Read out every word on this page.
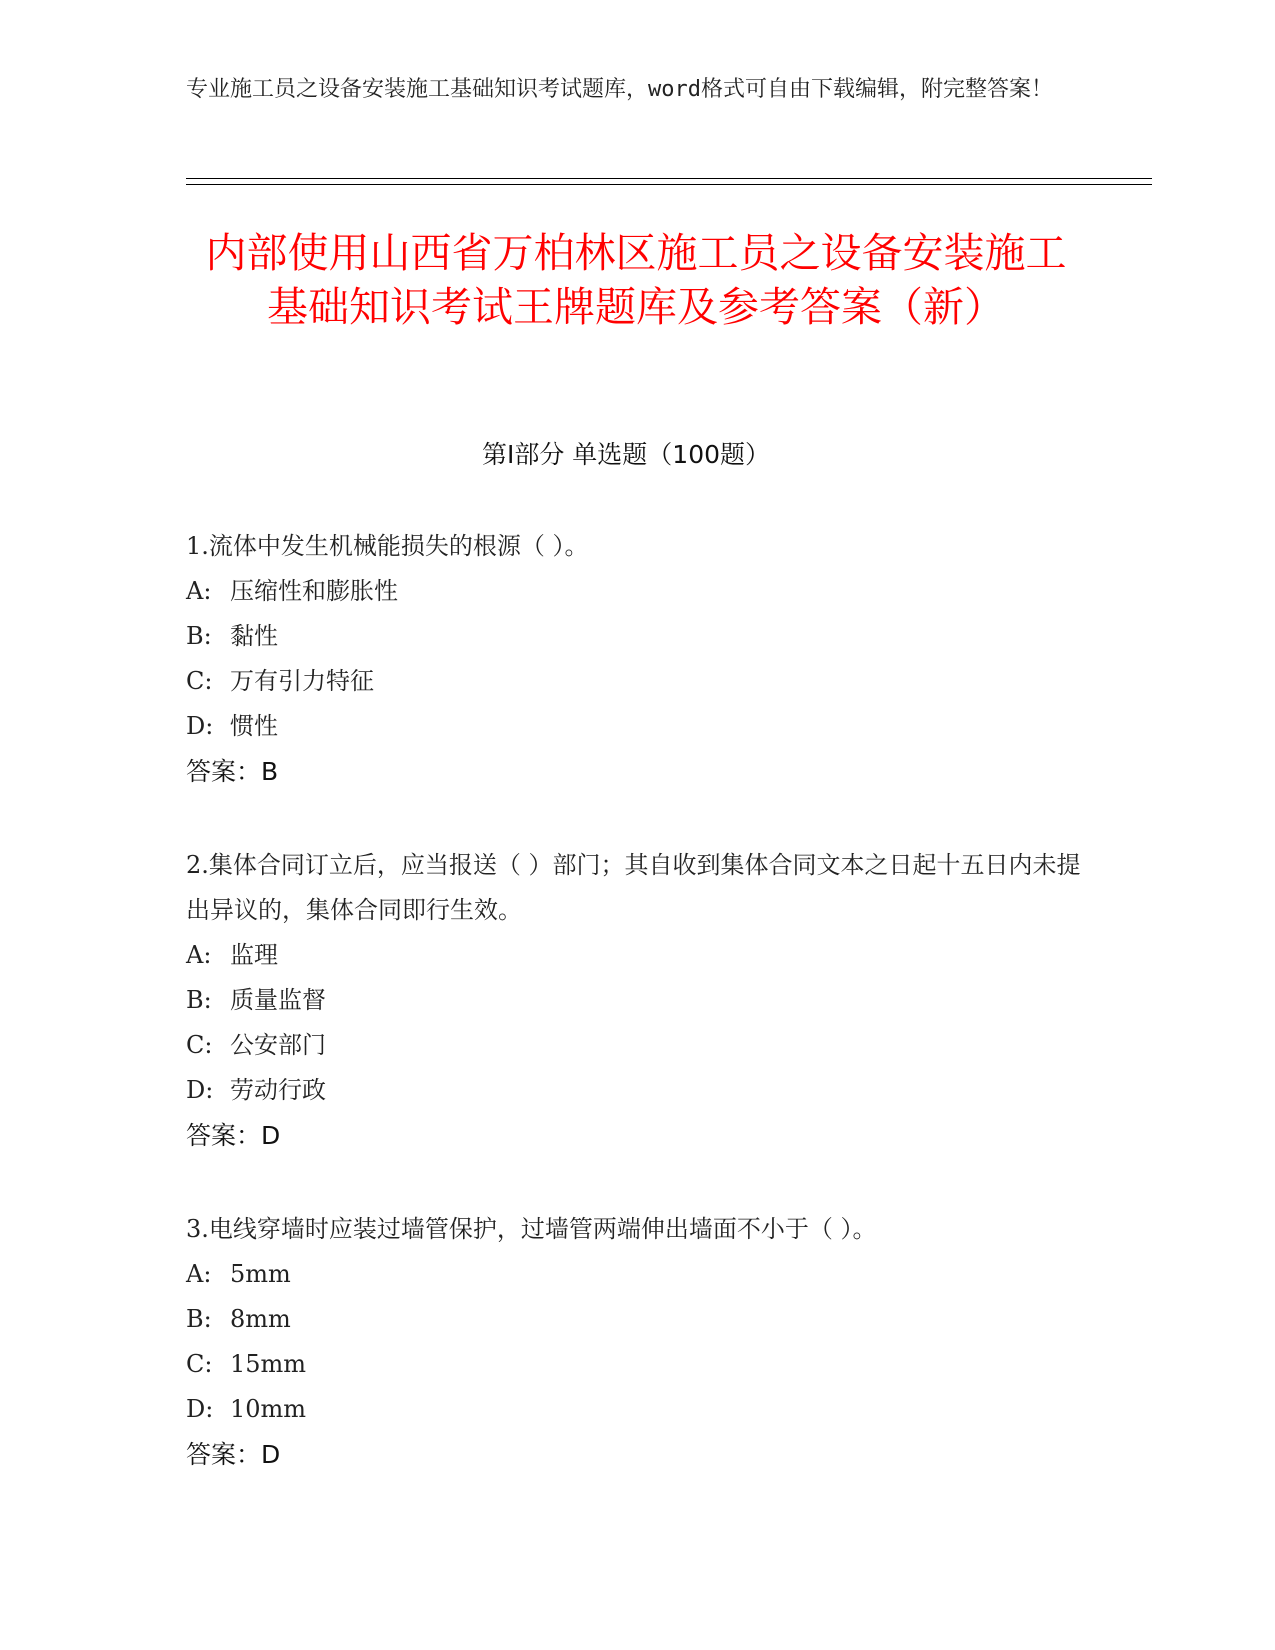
专业施工员之设备安装施工基础知识考试题库，word格式可自由下载编辑，附完整答案！
内部使用山西省万柏林区施工员之设备安装施工基础知识考试王牌题库及参考答案（新）
第I部分 单选题（100题）
1.流体中发生机械能损失的根源（ ）。
A: 压缩性和膨胀性
B: 黏性
C: 万有引力特征
D: 惯性
答案：B
2.集体合同订立后，应当报送（ ）部门；其自收到集体合同文本之日起十五日内未提出异议的，集体合同即行生效。
A: 监理
B: 质量监督
C: 公安部门
D: 劳动行政
答案：D
3.电线穿墙时应装过墙管保护，过墙管两端伸出墙面不小于（ ）。
A: 5mm
B: 8mm
C: 15mm
D: 10mm
答案：D
